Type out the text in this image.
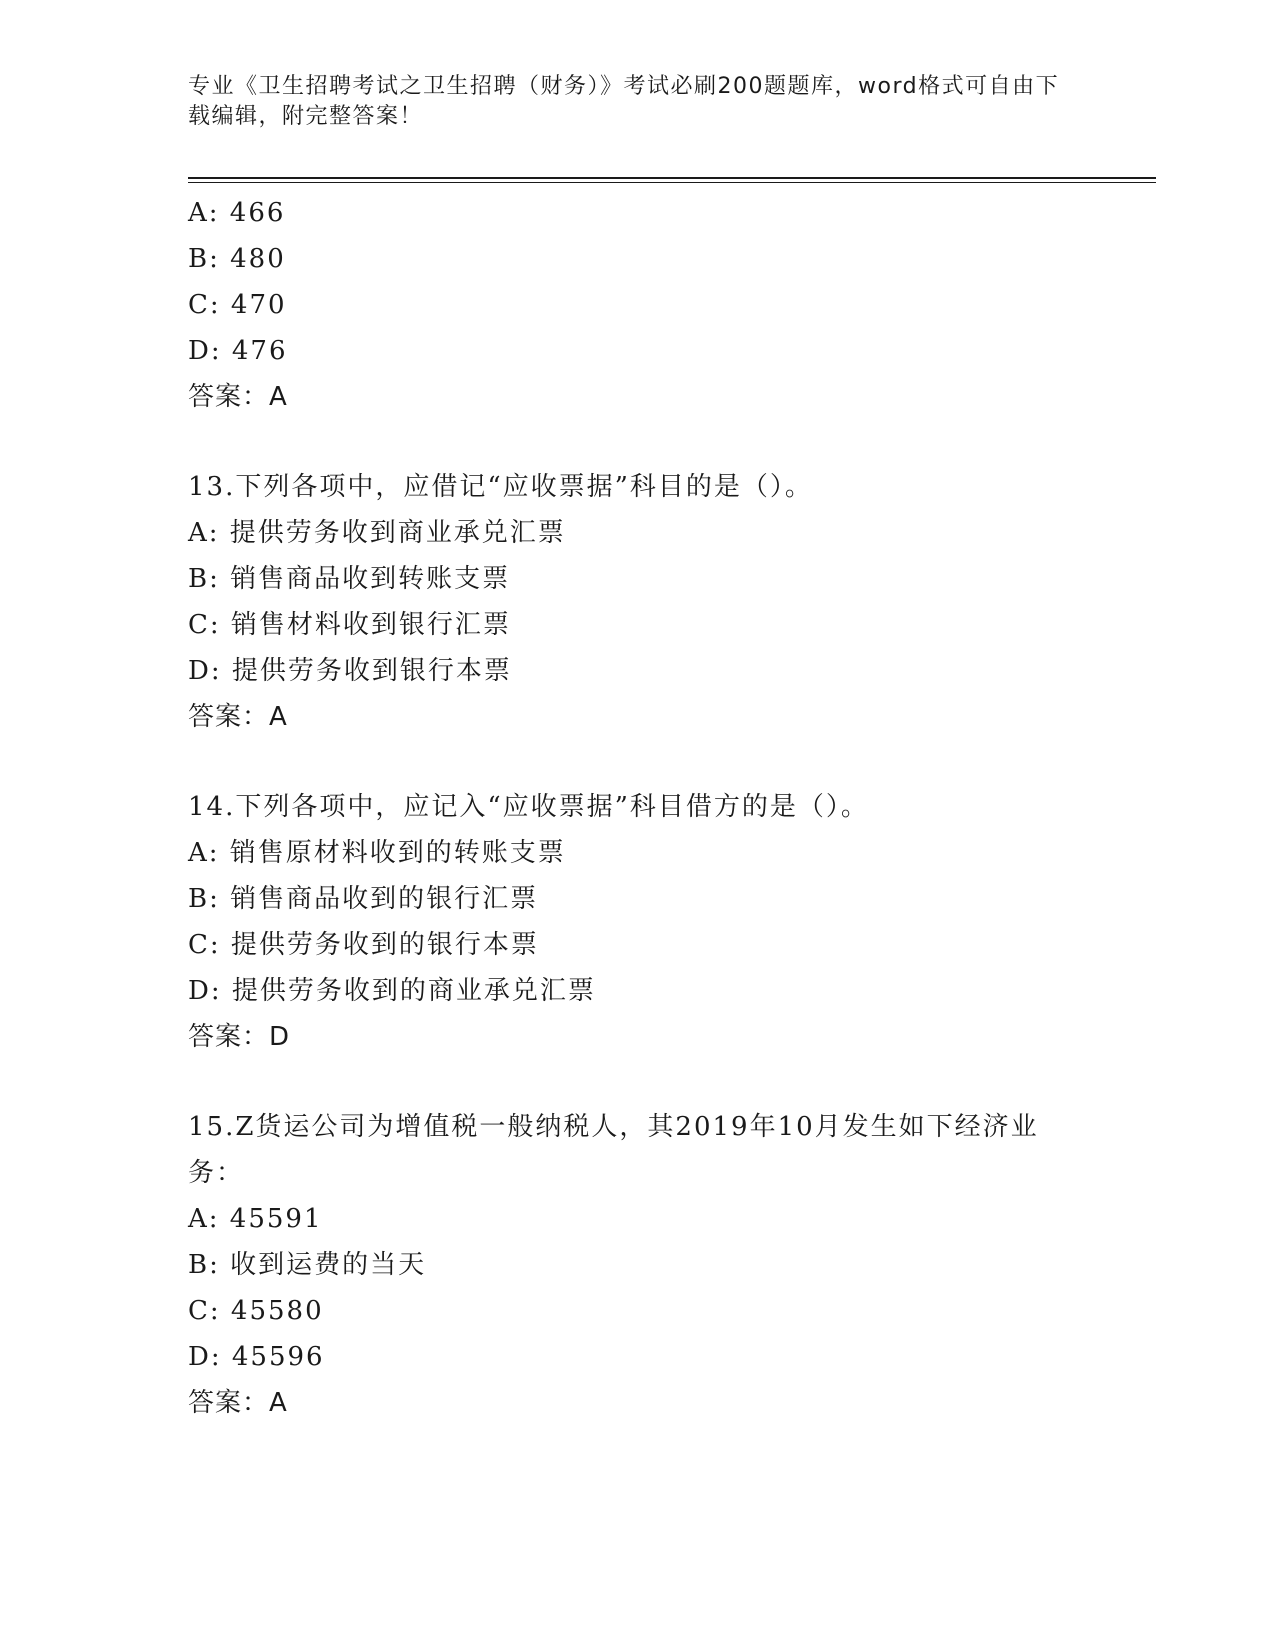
专业《卫生招聘考试之卫生招聘（财务）》考试必刷200题题库，word格式可自由下载编辑，附完整答案！
A: 466
B: 480
C: 470
D: 476
答案：A
13.下列各项中，应借记“应收票据”科目的是（）。
A: 提供劳务收到商业承兑汇票
B: 销售商品收到转账支票
C: 销售材料收到银行汇票
D: 提供劳务收到银行本票
答案：A
14.下列各项中，应记入“应收票据”科目借方的是（）。
A: 销售原材料收到的转账支票
B: 销售商品收到的银行汇票
C: 提供劳务收到的银行本票
D: 提供劳务收到的商业承兑汇票
答案：D
15.Z货运公司为增值税一般纳税人，其2019年10月发生如下经济业务：
A: 45591
B: 收到运费的当天
C: 45580
D: 45596
答案：A
